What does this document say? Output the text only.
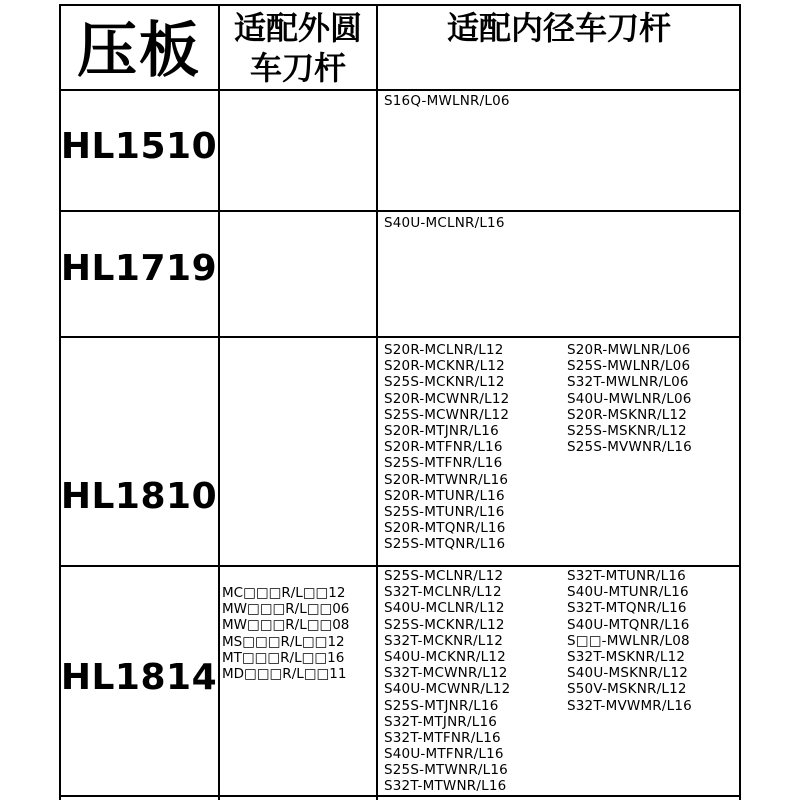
压板	适配外圆
车刀杆
适配内径车刀杆
HL1510
S16Q-MWLNR/L06
HL1719
S40U-MCLNR/L16
HL1810
S20R-MCLNR/L12
S20R-MCKNR/L12
S25S-MCKNR/L12
S20R-MCWNR/L12
S25S-MCWNR/L12
S20R-MTJNR/L16
S20R-MTFNR/L16
S25S-MTFNR/L16
S20R-MTWNR/L16
S20R-MTUNR/L16
S25S-MTUNR/L16
S20R-MTQNR/L16
S25S-MTQNR/L16
S20R-MWLNR/L06
S25S-MWLNR/L06
S32T-MWLNR/L06
S40U-MWLNR/L06
S20R-MSKNR/L12
S25S-MSKNR/L12
S25S-MVWNR/L16
HL1814
MC□□□R/L□□12
MW□□□R/L□□06
MW□□□R/L□□08
MS□□□R/L□□12
MT□□□R/L□□16
MD□□□R/L□□11
S25S-MCLNR/L12
S32T-MCLNR/L12
S40U-MCLNR/L12
S25S-MCKNR/L12
S32T-MCKNR/L12
S40U-MCKNR/L12
S32T-MCWNR/L12
S40U-MCWNR/L12
S25S-MTJNR/L16
S32T-MTJNR/L16
S32T-MTFNR/L16
S40U-MTFNR/L16
S25S-MTWNR/L16
S32T-MTWNR/L16
S32T-MTUNR/L16
S40U-MTUNR/L16
S32T-MTQNR/L16
S40U-MTQNR/L16
S□□-MWLNR/L08
S32T-MSKNR/L12
S40U-MSKNR/L12
S50V-MSKNR/L12
S32T-MVWMR/L16
